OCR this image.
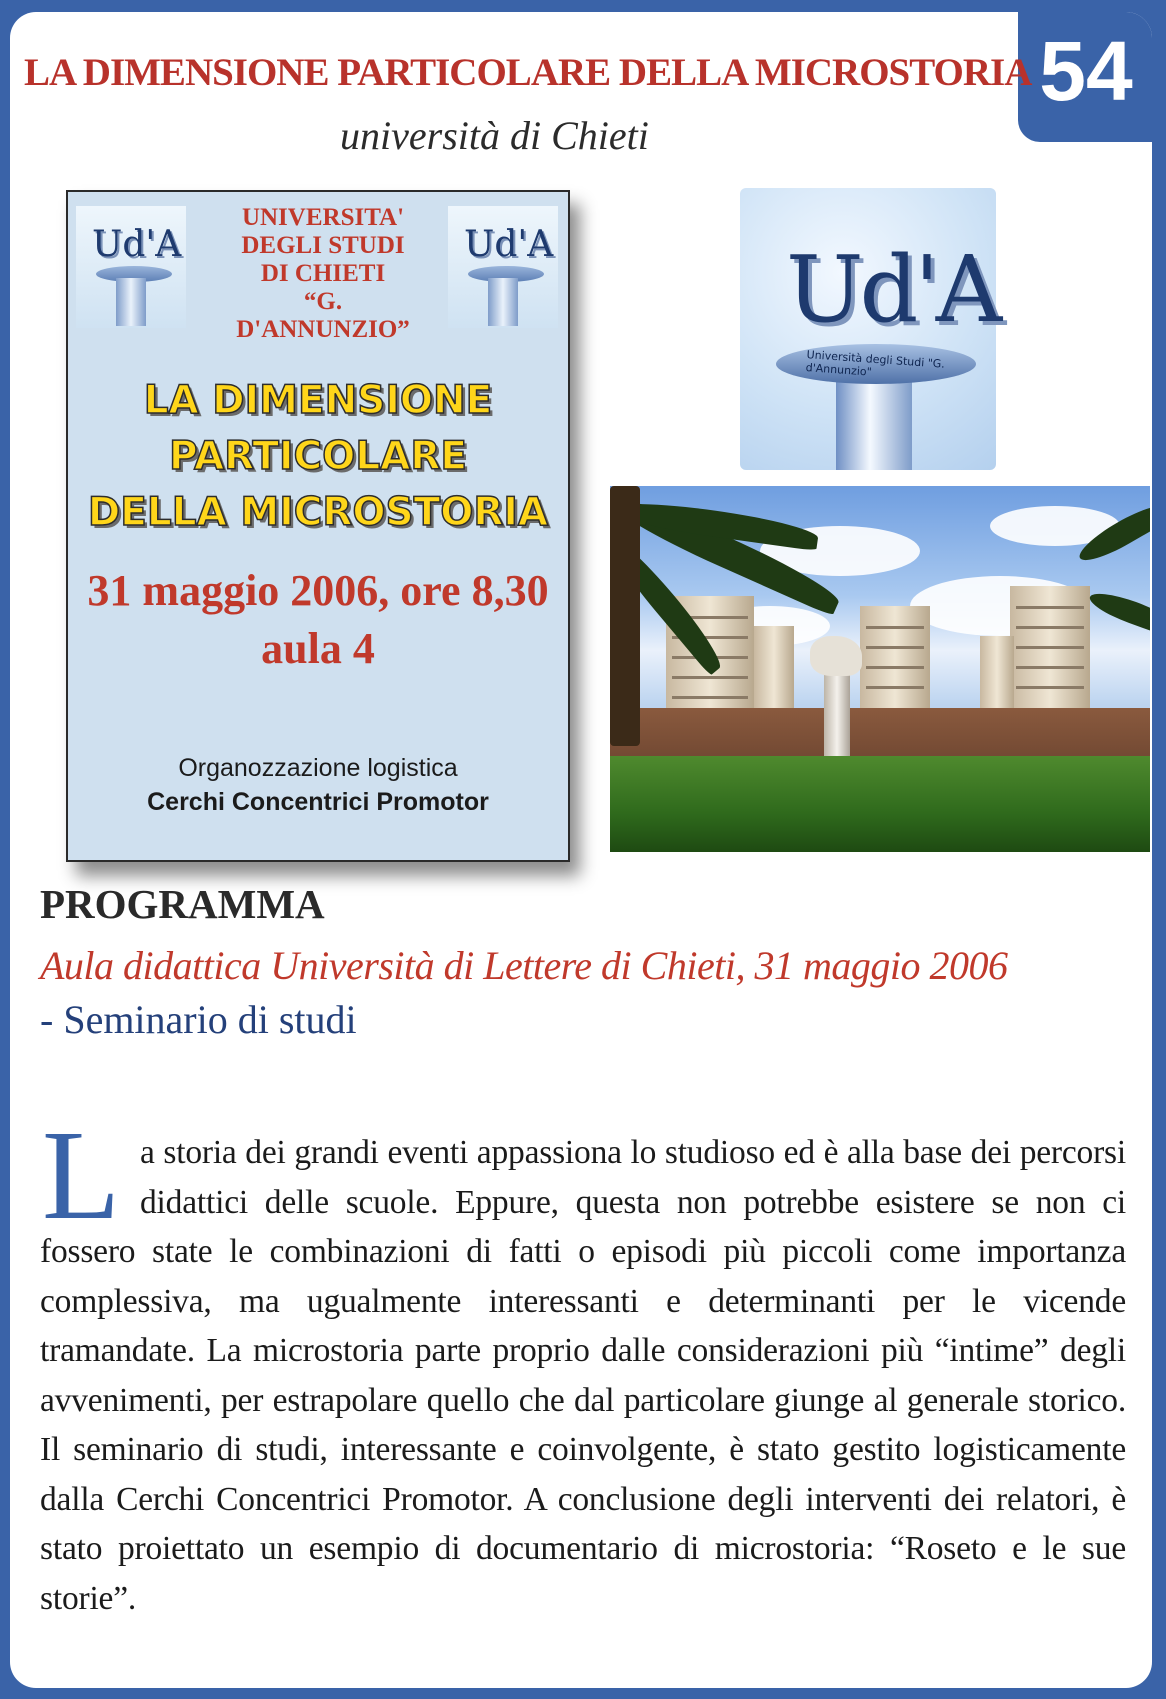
54
LA DIMENSIONE PARTICOLARE DELLA MICROSTORIA
università di Chieti
Ud'A
UNIVERSITA'
DEGLI STUDI
DI CHIETI
“G. D'ANNUNZIO”
Ud'A
LA DIMENSIONE
PARTICOLARE
DELLA MICROSTORIA
31 maggio 2006, ore 8,30
aula 4
Organozzazione logistica
Cerchi Concentrici Promotor
Università degli Studi "G. d'Annunzio"
Ud'A
PROGRAMMA
Aula didattica Università di Lettere di Chieti, 31 maggio 2006
- Seminario di studi
L a storia dei grandi eventi appassiona lo studioso ed è alla base dei percorsi didattici delle scuole. Eppure, questa non potrebbe esistere se non ci fossero state le combinazioni di fatti o episodi più piccoli come importanza complessiva, ma ugualmente interessanti e determinanti per le vicende tramandate. La microstoria parte proprio dalle considerazioni più “intime” degli avvenimenti, per estrapolare quello che dal particolare giunge al generale storico. Il seminario di studi, interessante e coinvolgente, è stato gestito logisticamente dalla Cerchi Concentrici Promotor. A conclusione degli interventi dei relatori, è stato proiettato un esempio di documentario di microstoria: “Roseto e le sue storie”.
